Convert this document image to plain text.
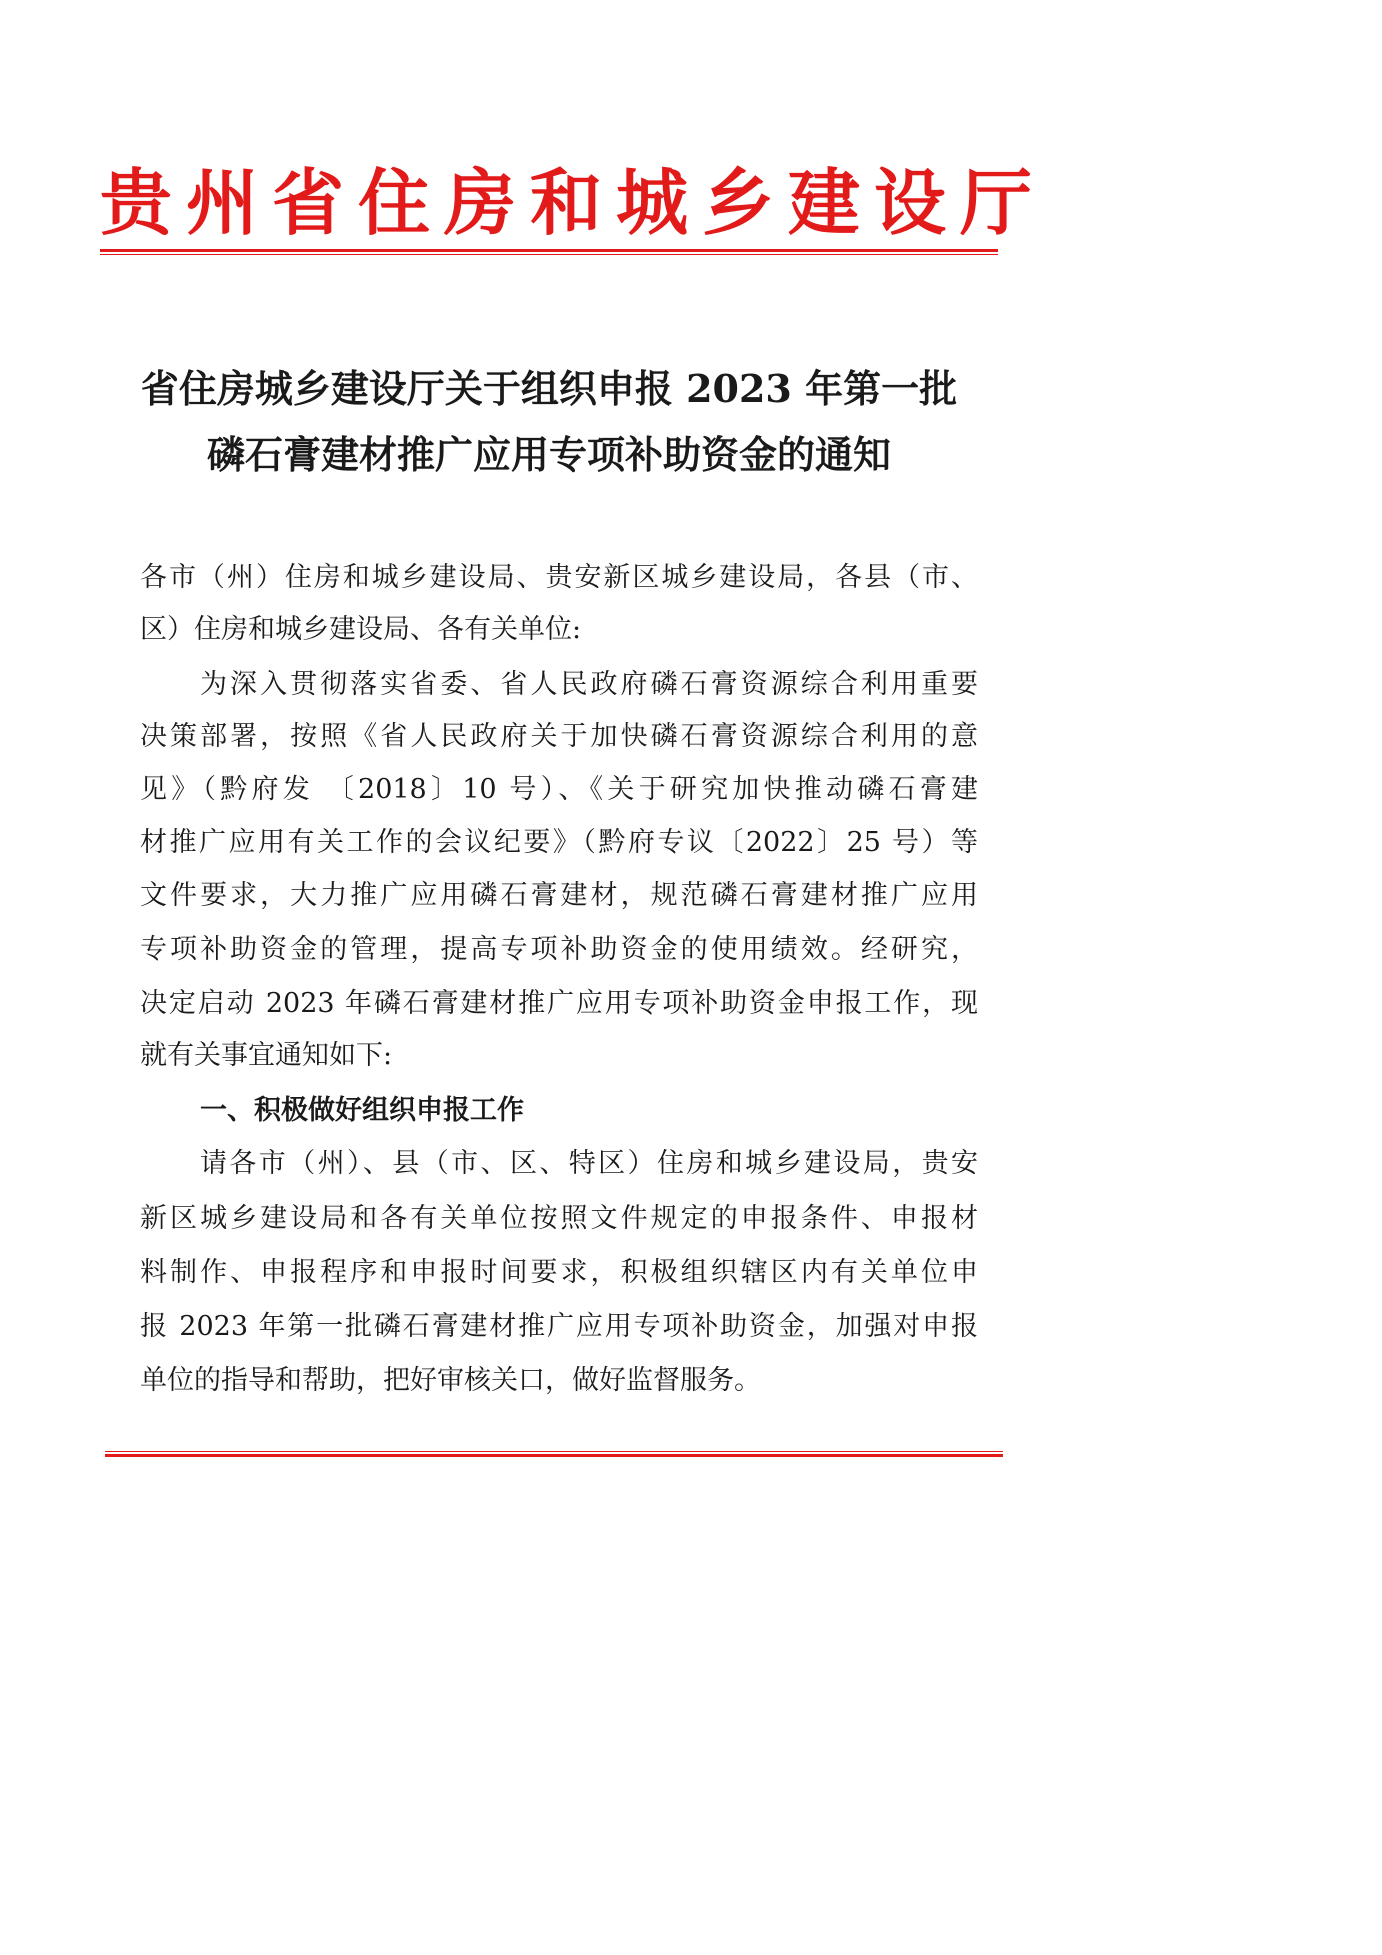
贵州省住房和城乡建设厅
省住房城乡建设厅关于组织申报 2023 年第一批
磷石膏建材推广应用专项补助资金的通知
各市（州）住房和城乡建设局、贵安新区城乡建设局，各县（市、
区）住房和城乡建设局、各有关单位:
为深入贯彻落实省委、省人民政府磷石膏资源综合利用重要
决策部署，按照《省人民政府关于加快磷石膏资源综合利用的意
见》（黔府发 〔2018〕10 号）、《关于研究加快推动磷石膏建
材推广应用有关工作的会议纪要》（黔府专议〔2022〕25 号）等
文件要求，大力推广应用磷石膏建材，规范磷石膏建材推广应用
专项补助资金的管理，提高专项补助资金的使用绩效。经研究，
决定启动 2023 年磷石膏建材推广应用专项补助资金申报工作，现
就有关事宜通知如下:
一、积极做好组织申报工作
请各市（州）、县（市、区、特区）住房和城乡建设局，贵安
新区城乡建设局和各有关单位按照文件规定的申报条件、申报材
料制作、申报程序和申报时间要求，积极组织辖区内有关单位申
报 2023 年第一批磷石膏建材推广应用专项补助资金，加强对申报
单位的指导和帮助，把好审核关口，做好监督服务。
